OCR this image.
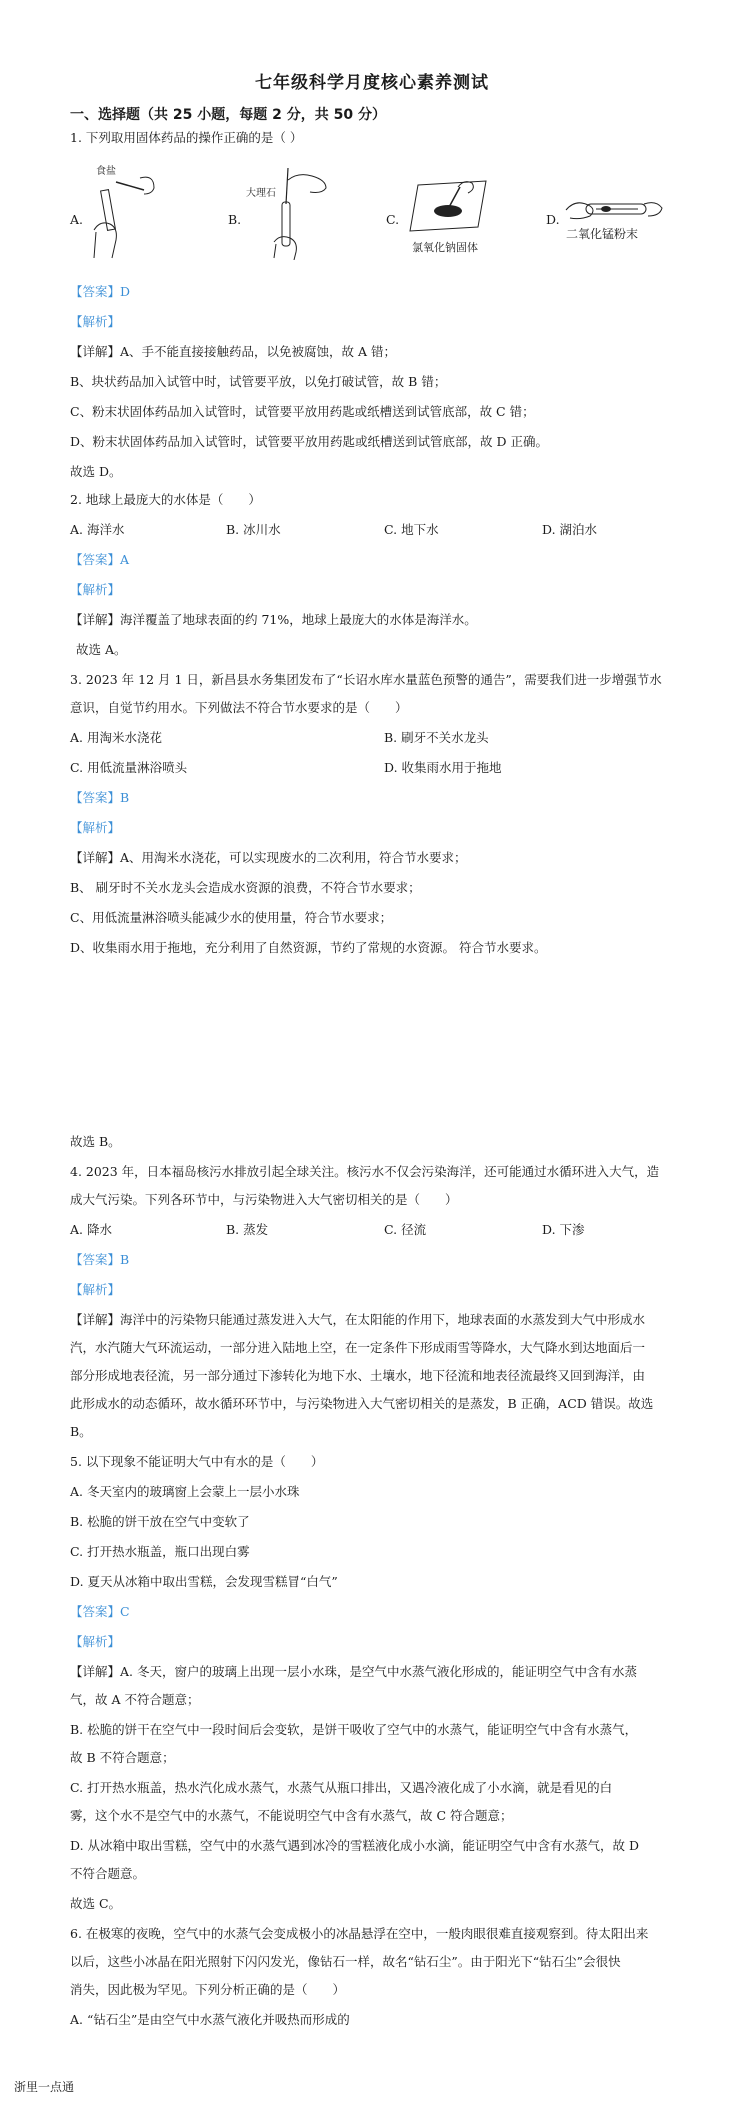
七年级科学月度核心素养测试
一、选择题（共 25 小题，每题 2 分，共 50 分）
1. 下列取用固体药品的操作正确的是（ ）
A.
食盐
B.
大理石
C.
氯氧化钠固体
D.
二氧化锰粉末
【答案】D
【解析】
【详解】A、手不能直接接触药品，以免被腐蚀，故 A 错；
B、块状药品加入试管中时，试管要平放，以免打破试管，故 B 错；
C、粉末状固体药品加入试管时，试管要平放用药匙或纸槽送到试管底部，故 C 错；
D、粉末状固体药品加入试管时，试管要平放用药匙或纸槽送到试管底部，故 D 正确。
故选 D。
2. 地球上最庞大的水体是（　　）
A. 海洋水	B. 冰川水	C. 地下水	D. 湖泊水
【答案】A
【解析】
【详解】海洋覆盖了地球表面的约 71%，地球上最庞大的水体是海洋水。
故选 A。
3. 2023 年 12 月 1 日，新昌县水务集团发布了“长诏水库水量蓝色预警的通告”，需要我们进一步增强节水
意识，自觉节约用水。下列做法不符合节水要求的是（　　）
A. 用淘米水浇花	B. 刷牙不关水龙头
C. 用低流量淋浴喷头	D. 收集雨水用于拖地
【答案】B
【解析】
【详解】A、用淘米水浇花，可以实现废水的二次利用，符合节水要求；
B、 刷牙时不关水龙头会造成水资源的浪费，不符合节水要求；
C、用低流量淋浴喷头能减少水的使用量，符合节水要求；
D、收集雨水用于拖地，充分利用了自然资源，节约了常规的水资源。 符合节水要求。
故选 B。
4. 2023 年，日本福岛核污水排放引起全球关注。核污水不仅会污染海洋，还可能通过水循环进入大气，造
成大气污染。下列各环节中，与污染物进入大气密切相关的是（　　）
A. 降水	B. 蒸发	C. 径流	D. 下渗
【答案】B
【解析】
【详解】海洋中的污染物只能通过蒸发进入大气，在太阳能的作用下，地球表面的水蒸发到大气中形成水
汽，水汽随大气环流运动，一部分进入陆地上空，在一定条件下形成雨雪等降水，大气降水到达地面后一
部分形成地表径流，另一部分通过下渗转化为地下水、土壤水，地下径流和地表径流最终又回到海洋，由
此形成水的动态循环，故水循环环节中，与污染物进入大气密切相关的是蒸发，B 正确，ACD 错误。故选
B。
5. 以下现象不能证明大气中有水的是（　　）
A. 冬天室内的玻璃窗上会蒙上一层小水珠
B. 松脆的饼干放在空气中变软了
C. 打开热水瓶盖，瓶口出现白雾
D. 夏天从冰箱中取出雪糕，会发现雪糕冒“白气”
【答案】C
【解析】
【详解】A. 冬天，窗户的玻璃上出现一层小水珠，是空气中水蒸气液化形成的，能证明空气中含有水蒸
气，故 A 不符合题意；
B. 松脆的饼干在空气中一段时间后会变软，是饼干吸收了空气中的水蒸气，能证明空气中含有水蒸气，
故 B 不符合题意；
C. 打开热水瓶盖，热水汽化成水蒸气，水蒸气从瓶口排出，又遇冷液化成了小水滴，就是看见的白
雾，这个水不是空气中的水蒸气，不能说明空气中含有水蒸气，故 C 符合题意；
D. 从冰箱中取出雪糕，空气中的水蒸气遇到冰冷的雪糕液化成小水滴，能证明空气中含有水蒸气，故 D
不符合题意。
故选 C。
6. 在极寒的夜晚，空气中的水蒸气会变成极小的冰晶悬浮在空中，一般肉眼很难直接观察到。待太阳出来
以后，这些小冰晶在阳光照射下闪闪发光，像钻石一样，故名“钻石尘”。由于阳光下“钻石尘”会很快
消失，因此极为罕见。下列分析正确的是（　　）
A. “钻石尘”是由空气中水蒸气液化并吸热而形成的
浙里一点通
